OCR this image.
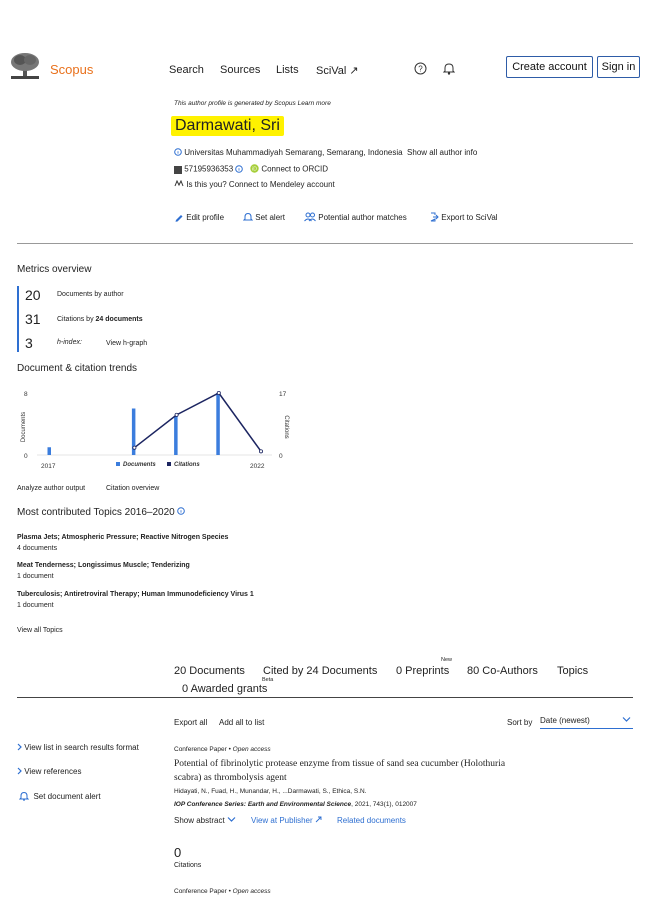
Scopus	Search Sources Lists SciVal ↗	?	Create account	Sign in
This author profile is generated by Scopus Learn more
Darmawati, Sri
Universitas Muhammadiyah Semarang, Semarang, Indonesia Show all author info
57195936353	iD Connect to ORCID
Is this you? Connect to Mendeley account
Edit profile	Set alert	Potential author matches	Export to SciVal
Metrics overview
20 Documents by author
31 Citations by 24 documents
3	h-index:	View h-graph
Document & citation trends
Documents
8
0
17
0
Citations
2017	2022
Documents	Citations
Analyze author output	Citation overview
Most contributed Topics 2016–2020
Plasma Jets; Atmospheric Pressure; Reactive Nitrogen Species
4 documents
Meat Tenderness; Longissimus Muscle; Tenderizing
1 document
Tuberculosis; Antiretroviral Therapy; Human Immunodeficiency Virus 1
1 document
View all Topics
20 Documents Cited by 24 Documents
New
0 Preprints 80 Co-Authors Topics
Beta
0 Awarded grants
Export all Add all to list	Sort by Date (newest)
View list in search results format
View references
Set document alert
Conference Paper • Open access
Potential of fibrinolytic protease enzyme from tissue of sand sea cucumber (Holothuria
scabra) as thrombolysis agent
Hidayati, N., Fuad, H., Munandar, H., ...Darmawati, S., Ethica, S.N.
IOP Conference Series: Earth and Environmental Science, 2021, 743(1), 012007
Show abstract	View at Publisher	Related documents
0
Citations
Conference Paper • Open access
